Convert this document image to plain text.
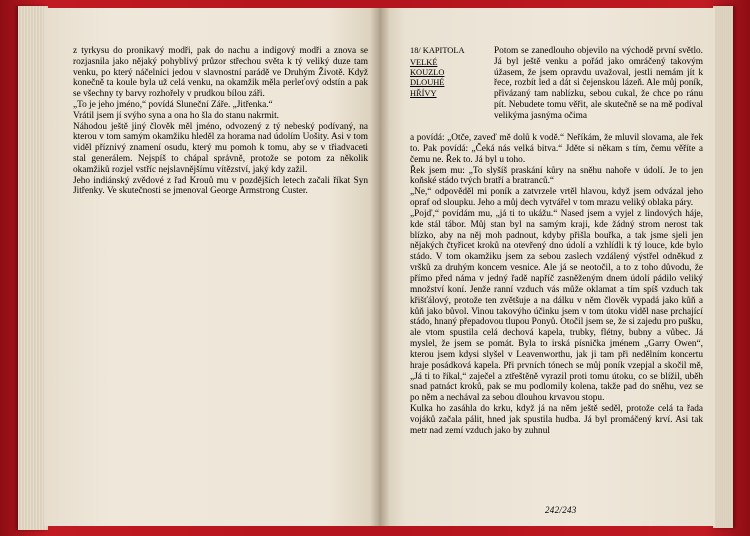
z tyrkysu do pronikavý modři, pak do nachu a indigový modři a znova se rozjasnila jako nějaký pohyblivý průzor střechou světa k tý veliký duze tam venku, po který náčelníci jedou v slavnostní parádě ve Druhým Životě. Když konečně ta koule byla už celá venku, na okamžik měla perleťový odstín a pak se všechny ty barvy rozhořely v prudkou bílou záři.

„To je jeho jméno,“ povídá Sluneční Záře. „Jitřenka.“

Vrátil jsem jí svýho syna a ona ho šla do stanu nakrmit.

Náhodou ještě jiný člověk měl jméno, odvozený z tý nebeský podívaný, na kterou v tom samým okamžiku hleděl za horama nad údolím Uošity. Asi v tom viděl příznivý znamení osudu, který mu pomoh k tomu, aby se v třiadvaceti stal generálem. Nejspíš to chápal správně, protože se potom za několik okamžiků rozjel vstříc nejslavnějšímu vítězství, jaký kdy zažil.

Jeho indiánský zvědové z řad Krouů mu v pozdějších letech začali říkat Syn Jitřenky. Ve skutečnosti se jmenoval George Armstrong Custer.

18/ KAPITOLA
VELKÉ
KOUZLO
DLOUHÉ
HŘÍVY

Potom se zanedlouho objevilo na východě první světlo. Já byl ještě venku a pořád jako omráčený takovým úžasem, že jsem opravdu uvažoval, jestli nemám jít k řece, rozbít led a dát si čejenskou lázeň. Ale můj poník, přivázaný tam nablízku, sebou cukal, že chce po ránu pít. Nebudete tomu věřit, ale skutečně se na mě podíval velikýma jasnýma očima

a povídá: „Otče, zaveď mě dolů k vodě.“ Neříkám, že mluvil slovama, ale řek to. Pak povídá: „Čeká nás velká bitva.“ Jděte si někam s tím, čemu věříte a čemu ne. Řek to. Já byl u toho.

Řek jsem mu: „To slyšíš praskání kůry na sněhu nahoře v údolí. Je to jen koňské stádo tvých bratří a bratranců.“

„Ne,“ odpověděl mi poník a zatvrzele vrtěl hlavou, když jsem odvázal jeho opraf od sloupku. Jeho a můj dech vytvářel v tom mrazu veliký oblaka páry.

„Pojď,“ povídám mu, „já ti to ukážu.“ Nased jsem a vyjel z lindových háje, kde stál tábor. Můj stan byl na samým kraji, kde žádný strom nerost tak blízko, aby na něj moh padnout, kdyby přišla bouřka, a tak jsme sjeli jen nějakých čtyřicet kroků na otevřený dno údolí a vzhlídli k tý louce, kde bylo stádo. V tom okamžiku jsem za sebou zaslech vzdálený výstřel odněkud z vršků za druhým koncem vesnice. Ale já se neotočil, a to z toho důvodu, že přímo před náma v jedný řadě napříč zasněženým dnem údolí pádilo veliký množství koní. Jenže ranní vzduch vás může oklamat a tím spíš vzduch tak křišťálový, protože ten zvětšuje a na dálku v něm člověk vypadá jako kůň a kůň jako bůvol. Vinou takovýho účinku jsem v tom útoku viděl nase prchající stádo, hnaný přepadovou tlupou Ponyů. Otočil jsem se, že si zajedu pro pušku, ale vtom spustila celá dechová kapela, trubky, flétny, bubny a vůbec. Já myslel, že jsem se pomát. Byla to irská písnička jménem „Garry Owen“, kterou jsem kdysi slyšel v Leavenworthu, jak ji tam při nedělním koncertu hraje posádková kapela. Při prvních tónech se můj poník vzepjal a skočil mě, „Já ti to říkal,“ zaječel a ztřeštěně vyrazil proti tomu útoku, co se blížil, uběh snad patnáct kroků, pak se mu podlomily kolena, takže pad do sněhu, vez se po něm a nechával za sebou dlouhou krvavou stopu.

Kulka ho zasáhla do krku, když já na něm ještě seděl, protože celá ta řada vojáků začala pálit, hned jak spustila hudba. Já byl promáčený krví. Asi tak metr nad zemí vzduch jako by zuhnul

242/243
